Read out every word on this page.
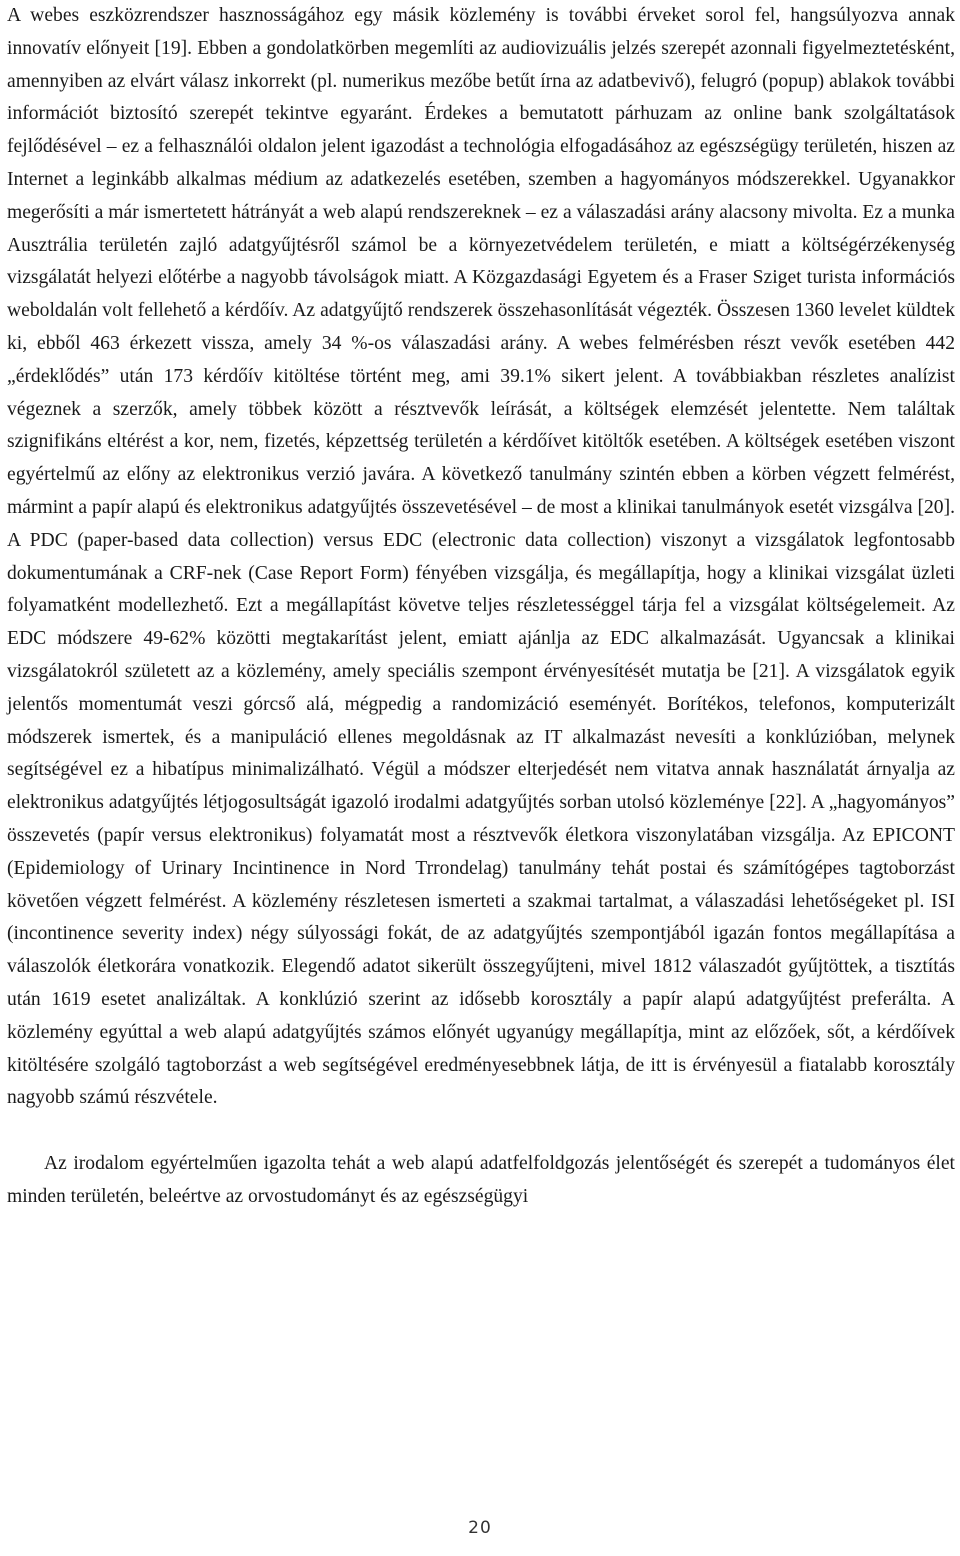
A webes eszközrendszer hasznosságához egy másik közlemény is további érveket sorol fel, hangsúlyozva annak innovatív előnyeit [19]. Ebben a gondolatkörben megemlíti az audiovizuális jelzés szerepét azonnali figyelmeztetésként, amennyiben az elvárt válasz inkorrekt (pl. numerikus mezőbe betűt írna az adatbevivő), felugró (popup) ablakok további információt biztosító szerepét tekintve egyaránt. Érdekes a bemutatott párhuzam az online bank szolgáltatások fejlődésével – ez a felhasználói oldalon jelent igazodást a technológia elfogadásához az egészségügy területén, hiszen az Internet a leginkább alkalmas médium az adatkezelés esetében, szemben a hagyományos módszerekkel. Ugyanakkor megerősíti a már ismertetett hátrányát a web alapú rendszereknek – ez a válaszadási arány alacsony mivolta. Ez a munka Ausztrália területén zajló adatgyűjtésről számol be a környezetvédelem területén, e miatt a költségérzékenység vizsgálatát helyezi előtérbe a nagyobb távolságok miatt. A Közgazdasági Egyetem és a Fraser Sziget turista információs weboldalán volt fellehető a kérdőív. Az adatgyűjtő rendszerek összehasonlítását végezték. Összesen 1360 levelet küldtek ki, ebből 463 érkezett vissza, amely 34 %-os válaszadási arány. A webes felmérésben részt vevők esetében 442 „érdeklődés” után 173 kérdőív kitöltése történt meg, ami 39.1% sikert jelent. A továbbiakban részletes analízist végeznek a szerzők, amely többek között a résztvevők leírását, a költségek elemzését jelentette. Nem találtak szignifikáns eltérést a kor, nem, fizetés, képzettség területén a kérdőívet kitöltők esetében. A költségek esetében viszont egyértelmű az előny az elektronikus verzió javára. A következő tanulmány szintén ebben a körben végzett felmérést, mármint a papír alapú és elektronikus adatgyűjtés összevetésével – de most a klinikai tanulmányok esetét vizsgálva [20]. A PDC (paper-based data collection) versus EDC (electronic data collection) viszonyt a vizsgálatok legfontosabb dokumentumának a CRF-nek (Case Report Form) fényében vizsgálja, és megállapítja, hogy a klinikai vizsgálat üzleti folyamatként modellezhető. Ezt a megállapítást követve teljes részletességgel tárja fel a vizsgálat költségelemeit. Az EDC módszere 49-62% közötti megtakarítást jelent, emiatt ajánlja az EDC alkalmazását. Ugyancsak a klinikai vizsgálatokról született az a közlemény, amely speciális szempont érvényesítését mutatja be [21]. A vizsgálatok egyik jelentős momentumát veszi górcső alá, mégpedig a randomizáció eseményét. Borítékos, telefonos, komputerizált módszerek ismertek, és a manipuláció ellenes megoldásnak az IT alkalmazást nevesíti a konklúzióban, melynek segítségével ez a hibatípus minimalizálható. Végül a módszer elterjedését nem vitatva annak használatát árnyalja az elektronikus adatgyűjtés létjogosultságát igazoló irodalmi adatgyűjtés sorban utolsó közleménye [22]. A „hagyományos” összevetés (papír versus elektronikus) folyamatát most a résztvevők életkora viszonylatában vizsgálja. Az EPICONT (Epidemiology of Urinary Incintinence in Nord Trrondelag) tanulmány tehát postai és számítógépes tagtoborzást követően végzett felmérést. A közlemény részletesen ismerteti a szakmai tartalmat, a válaszadási lehetőségeket pl. ISI (incontinence severity index) négy súlyossági fokát, de az adatgyűjtés szempontjából igazán fontos megállapítása a válaszolók életkorára vonatkozik. Elegendő adatot sikerült összegyűjteni, mivel 1812 válaszadót gyűjtöttek, a tisztítás után 1619 esetet analizáltak. A konklúzió szerint az idősebb korosztály a papír alapú adatgyűjtést preferálta. A közlemény egyúttal a web alapú adatgyűjtés számos előnyét ugyanúgy megállapítja, mint az előzőek, sőt, a kérdőívek kitöltésére szolgáló tagtoborzást a web segítségével eredményesebbnek látja, de itt is érvényesül a fiatalabb korosztály nagyobb számú részvétele.

Az irodalom egyértelműen igazolta tehát a web alapú adatfelfoldgozás jelentőségét és szerepét a tudományos élet minden területén, beleértve az orvostudományt és az egészségügyi

20
